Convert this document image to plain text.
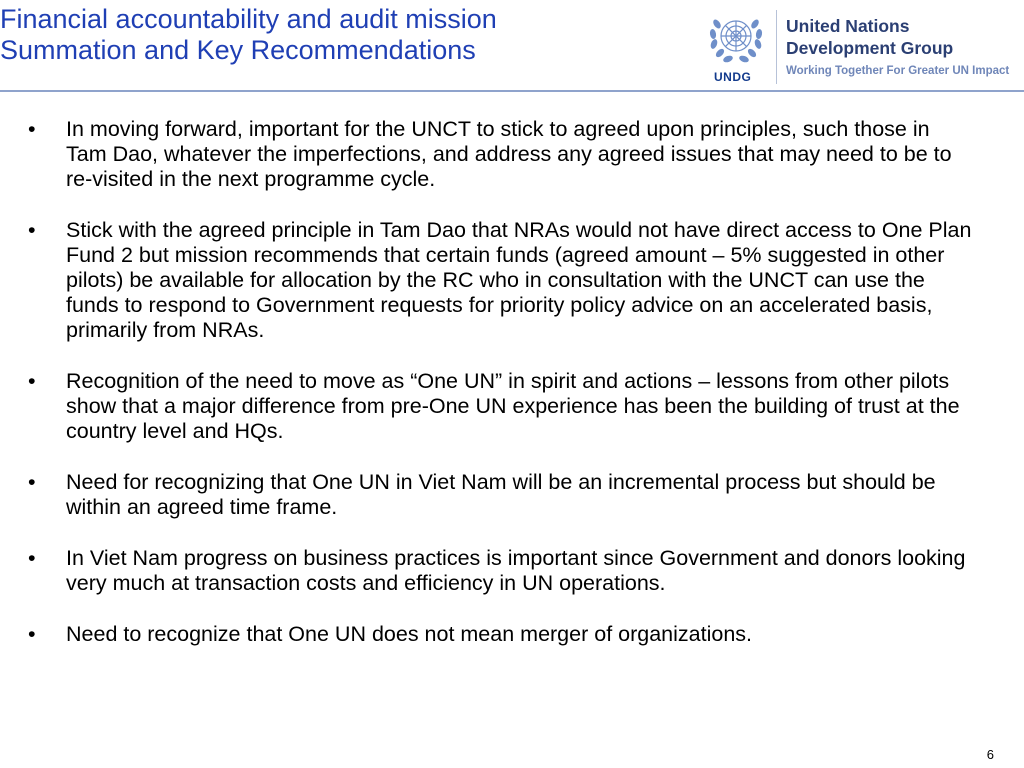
Financial accountability and audit mission
Summation and Key Recommendations
UNDG
United Nations
Development Group
Working Together For Greater UN Impact
• In moving forward, important for the UNCT to stick to agreed upon principles, such those in Tam Dao, whatever the imperfections, and address any agreed issues that may need to be to re-visited in the next programme cycle.
• Stick with the agreed principle in Tam Dao that NRAs would not have direct access to One Plan Fund 2 but mission recommends that certain funds (agreed amount – 5% suggested in other pilots) be available for allocation by the RC who in consultation with the UNCT can use the funds to respond to Government requests for priority policy advice on an accelerated basis, primarily from NRAs.
• Recognition of the need to move as “One UN” in spirit and actions – lessons from other pilots show that a major difference from pre-One UN experience has been the building of trust at the country level and HQs.
• Need for recognizing that One UN in Viet Nam will be an incremental process but should be within an agreed time frame.
• In Viet Nam progress on business practices is important since Government and donors looking very much at transaction costs and efficiency in UN operations.
• Need to recognize that One UN does not mean merger of organizations.
6
